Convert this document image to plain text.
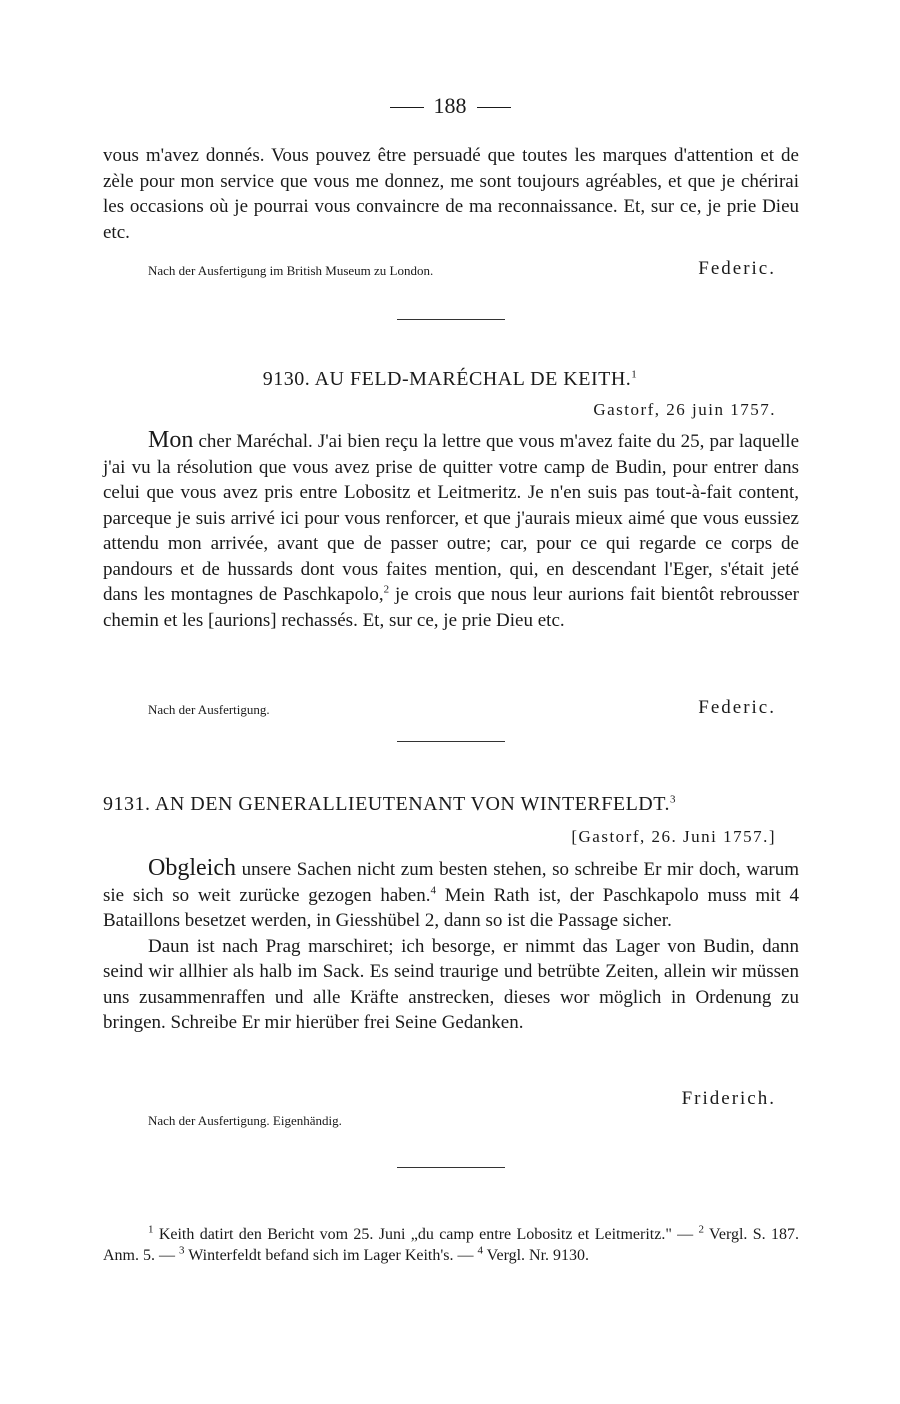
188

vous m'avez donnés. Vous pouvez être persuadé que toutes les marques d'attention et de zèle pour mon service que vous me donnez, me sont toujours agréables, et que je chérirai les occasions où je pourrai vous convaincre de ma reconnaissance. Et, sur ce, je prie Dieu etc.

Nach der Ausfertigung im British Museum zu London.	Federic.
9130. AU FELD-MARÉCHAL DE KEITH.$^1$
Gastorf, 26 juin 1757.

Mon cher Maréchal. J'ai bien reçu la lettre que vous m'avez faite du 25, par laquelle j'ai vu la résolution que vous avez prise de quitter votre camp de Budin, pour entrer dans celui que vous avez pris entre Lobositz et Leitmeritz. Je n'en suis pas tout-à-fait content, parceque je suis arrivé ici pour vous renforcer, et que j'aurais mieux aimé que vous eussiez attendu mon arrivée, avant que de passer outre; car, pour ce qui regarde ce corps de pandours et de hussards dont vous faites mention, qui, en descendant l'Eger, s'était jeté dans les montagnes de Paschkapolo,$^2$ je crois que nous leur aurions fait bientôt rebrousser chemin et les [aurions] rechassés. Et, sur ce, je prie Dieu etc.

Nach der Ausfertigung.	Federic.
9131. AN DEN GENERALLIEUTENANT VON WINTERFELDT.$^3$
[Gastorf, 26. Juni 1757.]

Obgleich unsere Sachen nicht zum besten stehen, so schreibe Er mir doch, warum sie sich so weit zurücke gezogen haben.$^4$ Mein Rath ist, der Paschkapolo muss mit 4 Bataillons besetzet werden, in Giesshübel 2, dann so ist die Passage sicher.

Daun ist nach Prag marschiret; ich besorge, er nimmt das Lager von Budin, dann seind wir allhier als halb im Sack. Es seind traurige und betrübte Zeiten, allein wir müssen uns zusammenraffen und alle Kräfte anstrecken, dieses wor möglich in Ordenung zu bringen. Schreibe Er mir hierüber frei Seine Gedanken.

Friderich.
Nach der Ausfertigung. Eigenhändig.

$^1$ Keith datirt den Bericht vom 25. Juni „du camp entre Lobositz et Leitmeritz." — $^2$ Vergl. S. 187. Anm. 5. — $^3$ Winterfeldt befand sich im Lager Keith's. — $^4$ Vergl. Nr. 9130.
